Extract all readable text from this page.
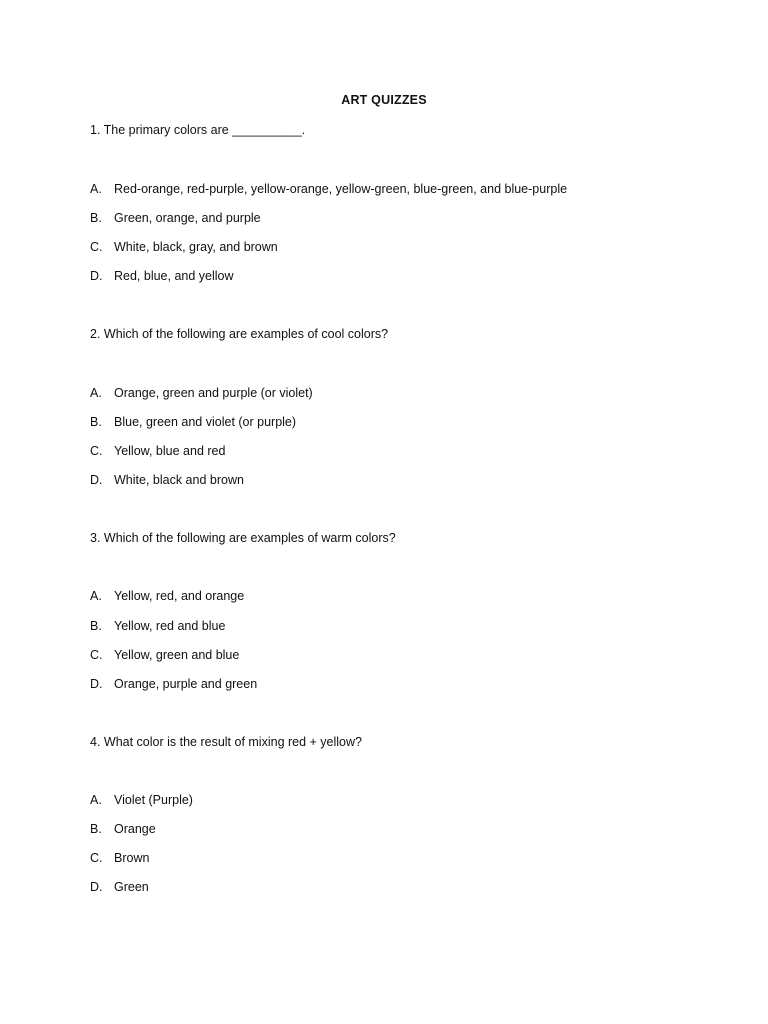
ART QUIZZES
1. The primary colors are __________.
A. Red-orange, red-purple, yellow-orange, yellow-green, blue-green, and blue-purple
B. Green, orange, and purple
C. White, black, gray, and brown
D. Red, blue, and yellow
2. Which of the following are examples of cool colors?
A. Orange, green and purple (or violet)
B. Blue, green and violet (or purple)
C. Yellow, blue and red
D. White, black and brown
3. Which of the following are examples of warm colors?
A. Yellow, red, and orange
B. Yellow, red and blue
C. Yellow, green and blue
D. Orange, purple and green
4. What color is the result of mixing red + yellow?
A. Violet (Purple)
B. Orange
C. Brown
D. Green
